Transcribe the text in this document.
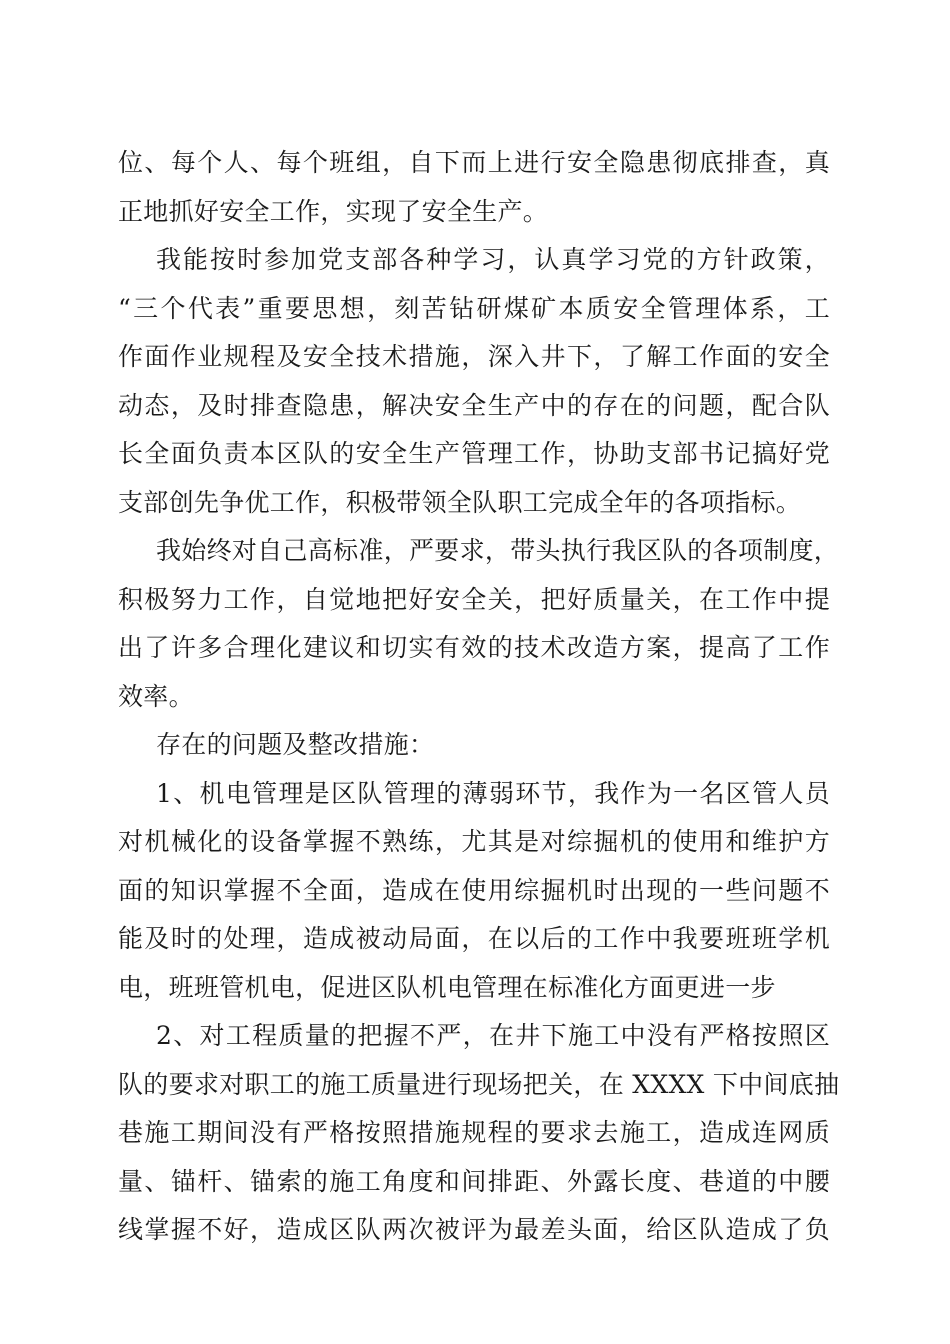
位、每个人、每个班组，自下而上进行安全隐患彻底排查，真
正地抓好安全工作，实现了安全生产。
我能按时参加党支部各种学习，认真学习党的方针政策，
“三个代表”重要思想，刻苦钻研煤矿本质安全管理体系，工
作面作业规程及安全技术措施，深入井下，了解工作面的安全
动态，及时排查隐患，解决安全生产中的存在的问题，配合队
长全面负责本区队的安全生产管理工作，协助支部书记搞好党
支部创先争优工作，积极带领全队职工完成全年的各项指标。
我始终对自己高标准，严要求，带头执行我区队的各项制度，
积极努力工作，自觉地把好安全关，把好质量关，在工作中提
出了许多合理化建议和切实有效的技术改造方案，提高了工作
效率。
存在的问题及整改措施：
1、机电管理是区队管理的薄弱环节，我作为一名区管人员
对机械化的设备掌握不熟练，尤其是对综掘机的使用和维护方
面的知识掌握不全面，造成在使用综掘机时出现的一些问题不
能及时的处理，造成被动局面，在以后的工作中我要班班学机
电，班班管机电，促进区队机电管理在标准化方面更进一步
2、对工程质量的把握不严，在井下施工中没有严格按照区
队的要求对职工的施工质量进行现场把关，在 XXXX 下中间底抽
巷施工期间没有严格按照措施规程的要求去施工，造成连网质
量、锚杆、锚索的施工角度和间排距、外露长度、巷道的中腰
线掌握不好，造成区队两次被评为最差头面，给区队造成了负
